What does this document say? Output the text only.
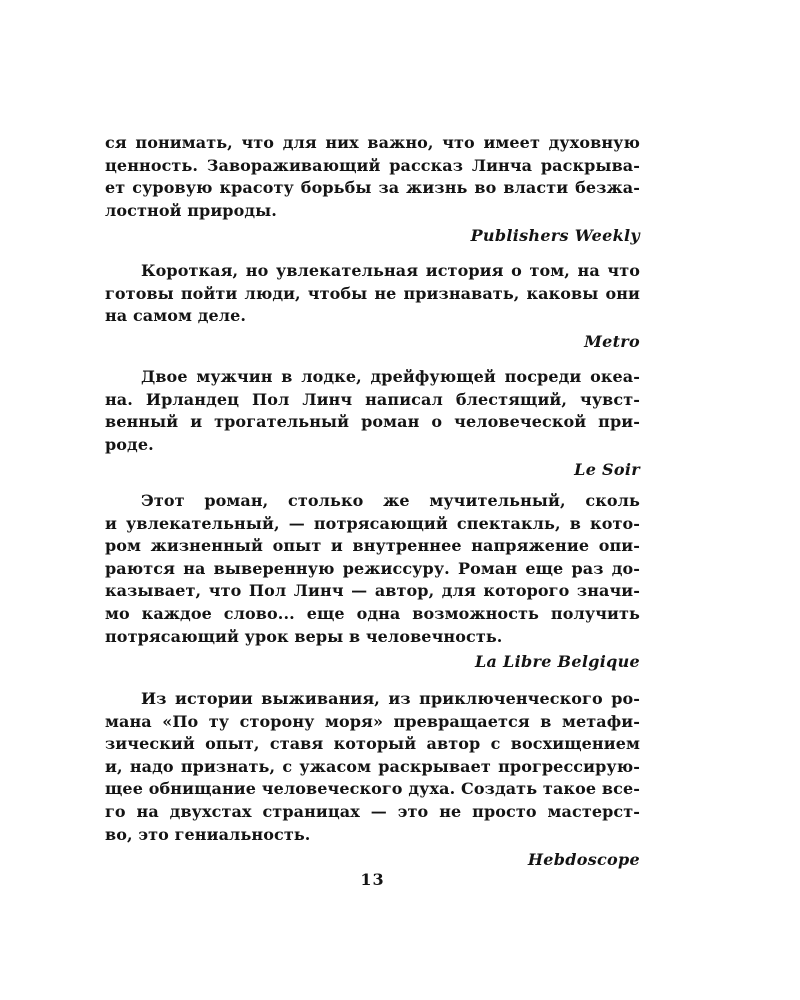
ся понимать, что для них важно, что имеет духовную
ценность. Завораживающий рассказ Линча раскрыва-
ет суровую красоту борьбы за жизнь во власти безжа-
лостной природы.
Publishers Weekly
Короткая, но увлекательная история о том, на что
готовы пойти люди, чтобы не признавать, каковы они
на самом деле.
Metro
Двое мужчин в лодке, дрейфующей посреди океа-
на. Ирландец Пол Линч написал блестящий, чувст-
венный и трогательный роман о человеческой при-
роде.
Le Soir
Этот роман, столько же мучительный, сколь
и увлекательный, — потрясающий спектакль, в кото-
ром жизненный опыт и внутреннее напряжение опи-
раются на выверенную режиссуру. Роман еще раз до-
казывает, что Пол Линч — автор, для которого значи-
мо каждое слово... еще одна возможность получить
потрясающий урок веры в человечность.
La Libre Belgique
Из истории выживания, из приключенческого ро-
мана «По ту сторону моря» превращается в метафи-
зический опыт, ставя который автор с восхищением
и, надо признать, с ужасом раскрывает прогрессирую-
щее обнищание человеческого духа. Создать такое все-
го на двухстах страницах — это не просто мастерст-
во, это гениальность.
Hebdoscope
13
